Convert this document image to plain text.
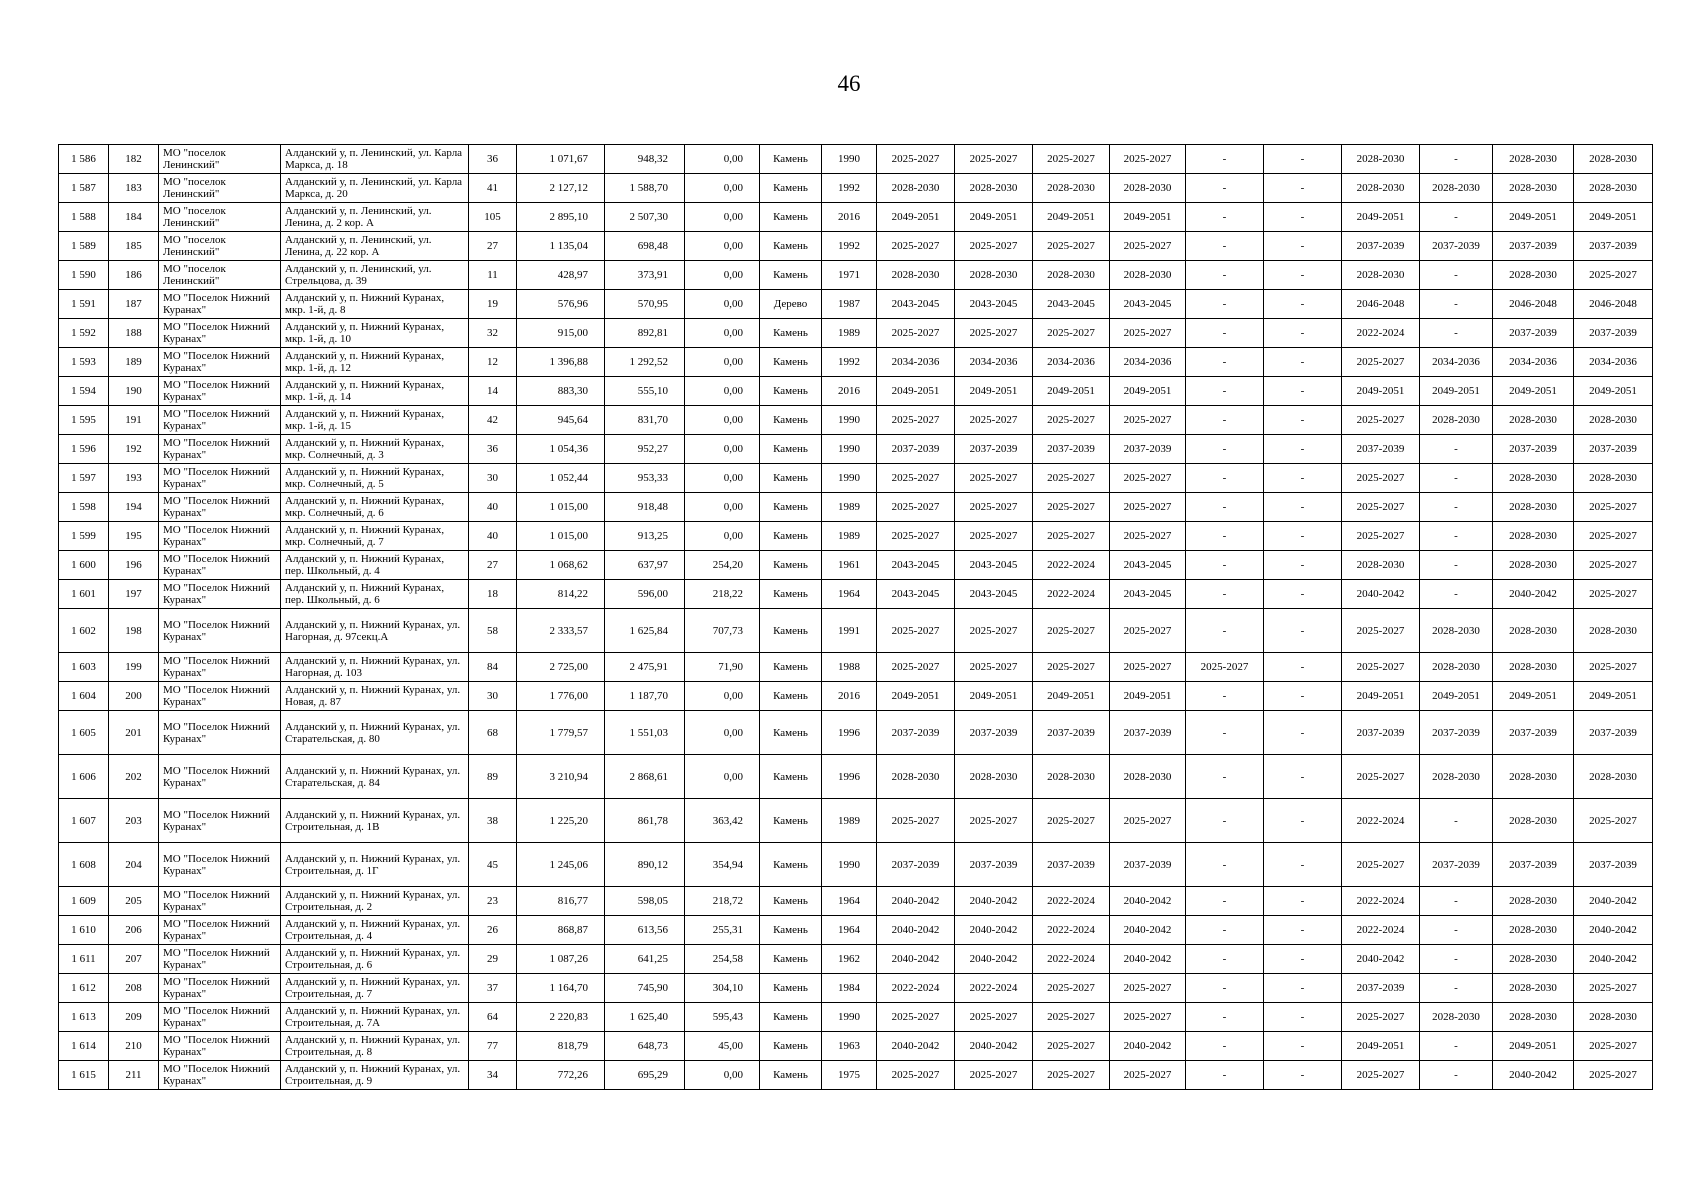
46
1 586	182	МО "поселок Ленинский"	Алданский у, п. Ленинский, ул. Карла Маркса, д. 18	36	1 071,67	948,32	0,00	Камень	1990	2025-2027	2025-2027	2025-2027	2025-2027	-	-	2028-2030	-	2028-2030	2028-2030
1 587	183	МО "поселок Ленинский"	Алданский у, п. Ленинский, ул. Карла Маркса, д. 20	41	2 127,12	1 588,70	0,00	Камень	1992	2028-2030	2028-2030	2028-2030	2028-2030	-	-	2028-2030	2028-2030	2028-2030	2028-2030
1 588	184	МО "поселок Ленинский"	Алданский у, п. Ленинский, ул. Ленина, д. 2 кор. А	105	2 895,10	2 507,30	0,00	Камень	2016	2049-2051	2049-2051	2049-2051	2049-2051	-	-	2049-2051	-	2049-2051	2049-2051
1 589	185	МО "поселок Ленинский"	Алданский у, п. Ленинский, ул. Ленина, д. 22 кор. А	27	1 135,04	698,48	0,00	Камень	1992	2025-2027	2025-2027	2025-2027	2025-2027	-	-	2037-2039	2037-2039	2037-2039	2037-2039
1 590	186	МО "поселок Ленинский"	Алданский у, п. Ленинский, ул. Стрельцова, д. 39	11	428,97	373,91	0,00	Камень	1971	2028-2030	2028-2030	2028-2030	2028-2030	-	-	2028-2030	-	2028-2030	2025-2027
1 591	187	МО "Поселок Нижний Куранах"	Алданский у, п. Нижний Куранах, мкр. 1-й, д. 8	19	576,96	570,95	0,00	Дерево	1987	2043-2045	2043-2045	2043-2045	2043-2045	-	-	2046-2048	-	2046-2048	2046-2048
1 592	188	МО "Поселок Нижний Куранах"	Алданский у, п. Нижний Куранах, мкр. 1-й, д. 10	32	915,00	892,81	0,00	Камень	1989	2025-2027	2025-2027	2025-2027	2025-2027	-	-	2022-2024	-	2037-2039	2037-2039
1 593	189	МО "Поселок Нижний Куранах"	Алданский у, п. Нижний Куранах, мкр. 1-й, д. 12	12	1 396,88	1 292,52	0,00	Камень	1992	2034-2036	2034-2036	2034-2036	2034-2036	-	-	2025-2027	2034-2036	2034-2036	2034-2036
1 594	190	МО "Поселок Нижний Куранах"	Алданский у, п. Нижний Куранах, мкр. 1-й, д. 14	14	883,30	555,10	0,00	Камень	2016	2049-2051	2049-2051	2049-2051	2049-2051	-	-	2049-2051	2049-2051	2049-2051	2049-2051
1 595	191	МО "Поселок Нижний Куранах"	Алданский у, п. Нижний Куранах, мкр. 1-й, д. 15	42	945,64	831,70	0,00	Камень	1990	2025-2027	2025-2027	2025-2027	2025-2027	-	-	2025-2027	2028-2030	2028-2030	2028-2030
1 596	192	МО "Поселок Нижний Куранах"	Алданский у, п. Нижний Куранах, мкр. Солнечный, д. 3	36	1 054,36	952,27	0,00	Камень	1990	2037-2039	2037-2039	2037-2039	2037-2039	-	-	2037-2039	-	2037-2039	2037-2039
1 597	193	МО "Поселок Нижний Куранах"	Алданский у, п. Нижний Куранах, мкр. Солнечный, д. 5	30	1 052,44	953,33	0,00	Камень	1990	2025-2027	2025-2027	2025-2027	2025-2027	-	-	2025-2027	-	2028-2030	2028-2030
1 598	194	МО "Поселок Нижний Куранах"	Алданский у, п. Нижний Куранах, мкр. Солнечный, д. 6	40	1 015,00	918,48	0,00	Камень	1989	2025-2027	2025-2027	2025-2027	2025-2027	-	-	2025-2027	-	2028-2030	2025-2027
1 599	195	МО "Поселок Нижний Куранах"	Алданский у, п. Нижний Куранах, мкр. Солнечный, д. 7	40	1 015,00	913,25	0,00	Камень	1989	2025-2027	2025-2027	2025-2027	2025-2027	-	-	2025-2027	-	2028-2030	2025-2027
1 600	196	МО "Поселок Нижний Куранах"	Алданский у, п. Нижний Куранах, пер. Школьный, д. 4	27	1 068,62	637,97	254,20	Камень	1961	2043-2045	2043-2045	2022-2024	2043-2045	-	-	2028-2030	-	2028-2030	2025-2027
1 601	197	МО "Поселок Нижний Куранах"	Алданский у, п. Нижний Куранах, пер. Школьный, д. 6	18	814,22	596,00	218,22	Камень	1964	2043-2045	2043-2045	2022-2024	2043-2045	-	-	2040-2042	-	2040-2042	2025-2027
1 602	198	МО "Поселок Нижний Куранах"	Алданский у, п. Нижний Куранах, ул. Нагорная, д. 97секц.А	58	2 333,57	1 625,84	707,73	Камень	1991	2025-2027	2025-2027	2025-2027	2025-2027	-	-	2025-2027	2028-2030	2028-2030	2028-2030
1 603	199	МО "Поселок Нижний Куранах"	Алданский у, п. Нижний Куранах, ул. Нагорная, д. 103	84	2 725,00	2 475,91	71,90	Камень	1988	2025-2027	2025-2027	2025-2027	2025-2027	2025-2027	-	2025-2027	2028-2030	2028-2030	2025-2027
1 604	200	МО "Поселок Нижний Куранах"	Алданский у, п. Нижний Куранах, ул. Новая, д. 87	30	1 776,00	1 187,70	0,00	Камень	2016	2049-2051	2049-2051	2049-2051	2049-2051	-	-	2049-2051	2049-2051	2049-2051	2049-2051
1 605	201	МО "Поселок Нижний Куранах"	Алданский у, п. Нижний Куранах, ул. Старательская, д. 80	68	1 779,57	1 551,03	0,00	Камень	1996	2037-2039	2037-2039	2037-2039	2037-2039	-	-	2037-2039	2037-2039	2037-2039	2037-2039
1 606	202	МО "Поселок Нижний Куранах"	Алданский у, п. Нижний Куранах, ул. Старательская, д. 84	89	3 210,94	2 868,61	0,00	Камень	1996	2028-2030	2028-2030	2028-2030	2028-2030	-	-	2025-2027	2028-2030	2028-2030	2028-2030
1 607	203	МО "Поселок Нижний Куранах"	Алданский у, п. Нижний Куранах, ул. Строительная, д. 1В	38	1 225,20	861,78	363,42	Камень	1989	2025-2027	2025-2027	2025-2027	2025-2027	-	-	2022-2024	-	2028-2030	2025-2027
1 608	204	МО "Поселок Нижний Куранах"	Алданский у, п. Нижний Куранах, ул. Строительная, д. 1Г	45	1 245,06	890,12	354,94	Камень	1990	2037-2039	2037-2039	2037-2039	2037-2039	-	-	2025-2027	2037-2039	2037-2039	2037-2039
1 609	205	МО "Поселок Нижний Куранах"	Алданский у, п. Нижний Куранах, ул. Строительная, д. 2	23	816,77	598,05	218,72	Камень	1964	2040-2042	2040-2042	2022-2024	2040-2042	-	-	2022-2024	-	2028-2030	2040-2042
1 610	206	МО "Поселок Нижний Куранах"	Алданский у, п. Нижний Куранах, ул. Строительная, д. 4	26	868,87	613,56	255,31	Камень	1964	2040-2042	2040-2042	2022-2024	2040-2042	-	-	2022-2024	-	2028-2030	2040-2042
1 611	207	МО "Поселок Нижний Куранах"	Алданский у, п. Нижний Куранах, ул. Строительная, д. 6	29	1 087,26	641,25	254,58	Камень	1962	2040-2042	2040-2042	2022-2024	2040-2042	-	-	2040-2042	-	2028-2030	2040-2042
1 612	208	МО "Поселок Нижний Куранах"	Алданский у, п. Нижний Куранах, ул. Строительная, д. 7	37	1 164,70	745,90	304,10	Камень	1984	2022-2024	2022-2024	2025-2027	2025-2027	-	-	2037-2039	-	2028-2030	2025-2027
1 613	209	МО "Поселок Нижний Куранах"	Алданский у, п. Нижний Куранах, ул. Строительная, д. 7А	64	2 220,83	1 625,40	595,43	Камень	1990	2025-2027	2025-2027	2025-2027	2025-2027	-	-	2025-2027	2028-2030	2028-2030	2028-2030
1 614	210	МО "Поселок Нижний Куранах"	Алданский у, п. Нижний Куранах, ул. Строительная, д. 8	77	818,79	648,73	45,00	Камень	1963	2040-2042	2040-2042	2025-2027	2040-2042	-	-	2049-2051	-	2049-2051	2025-2027
1 615	211	МО "Поселок Нижний Куранах"	Алданский у, п. Нижний Куранах, ул. Строительная, д. 9	34	772,26	695,29	0,00	Камень	1975	2025-2027	2025-2027	2025-2027	2025-2027	-	-	2025-2027	-	2040-2042	2025-2027
